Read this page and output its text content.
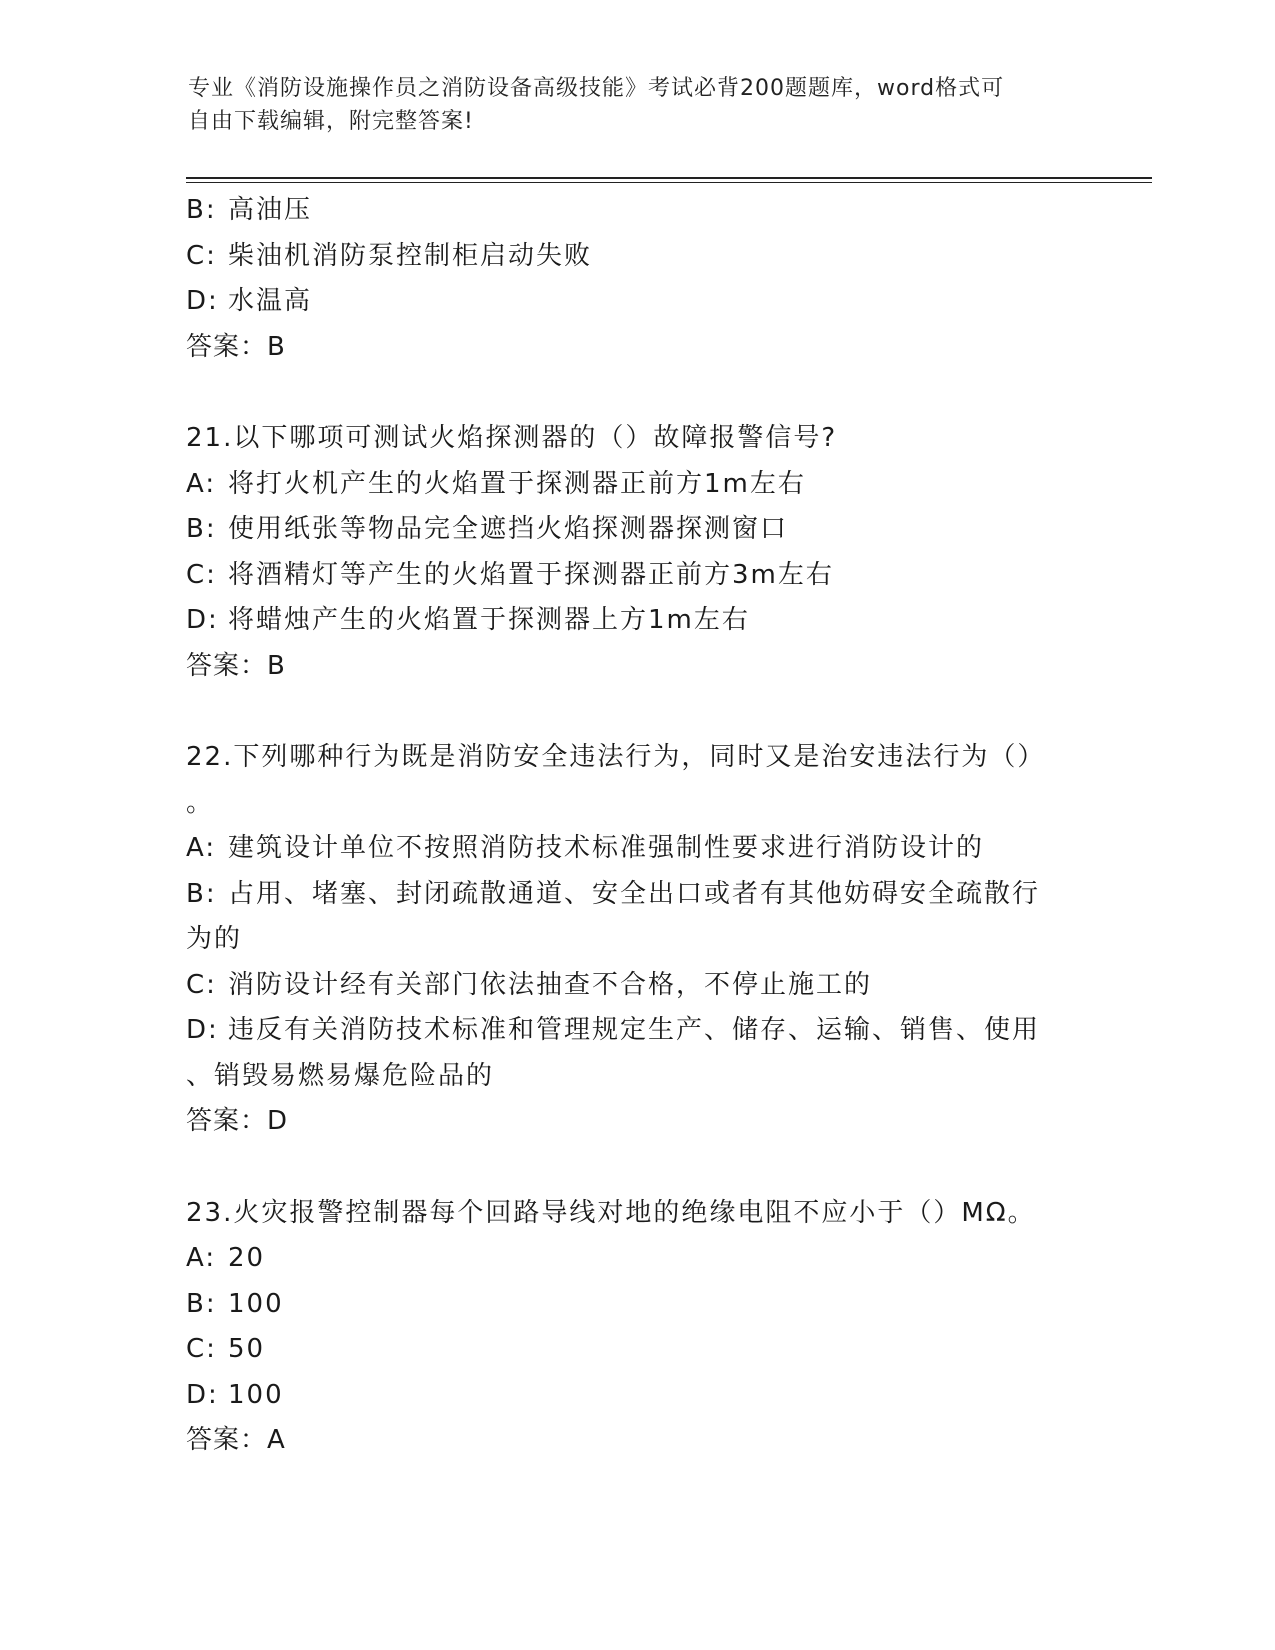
专业《消防设施操作员之消防设备高级技能》考试必背200题题库，word格式可
自由下载编辑，附完整答案!
B: 高油压
C: 柴油机消防泵控制柜启动失败
D: 水温高
答案：B
21.以下哪项可测试火焰探测器的（）故障报警信号?
A: 将打火机产生的火焰置于探测器正前方1m左右
B: 使用纸张等物品完全遮挡火焰探测器探测窗口
C: 将酒精灯等产生的火焰置于探测器正前方3m左右
D: 将蜡烛产生的火焰置于探测器上方1m左右
答案：B
22.下列哪种行为既是消防安全违法行为，同时又是治安违法行为（）
。
A: 建筑设计单位不按照消防技术标准强制性要求进行消防设计的
B: 占用、堵塞、封闭疏散通道、安全出口或者有其他妨碍安全疏散行
为的
C: 消防设计经有关部门依法抽查不合格，不停止施工的
D: 违反有关消防技术标准和管理规定生产、储存、运输、销售、使用
、销毁易燃易爆危险品的
答案：D
23.火灾报警控制器每个回路导线对地的绝缘电阻不应小于（）MΩ。
A: 20
B: 100
C: 50
D: 100
答案：A
